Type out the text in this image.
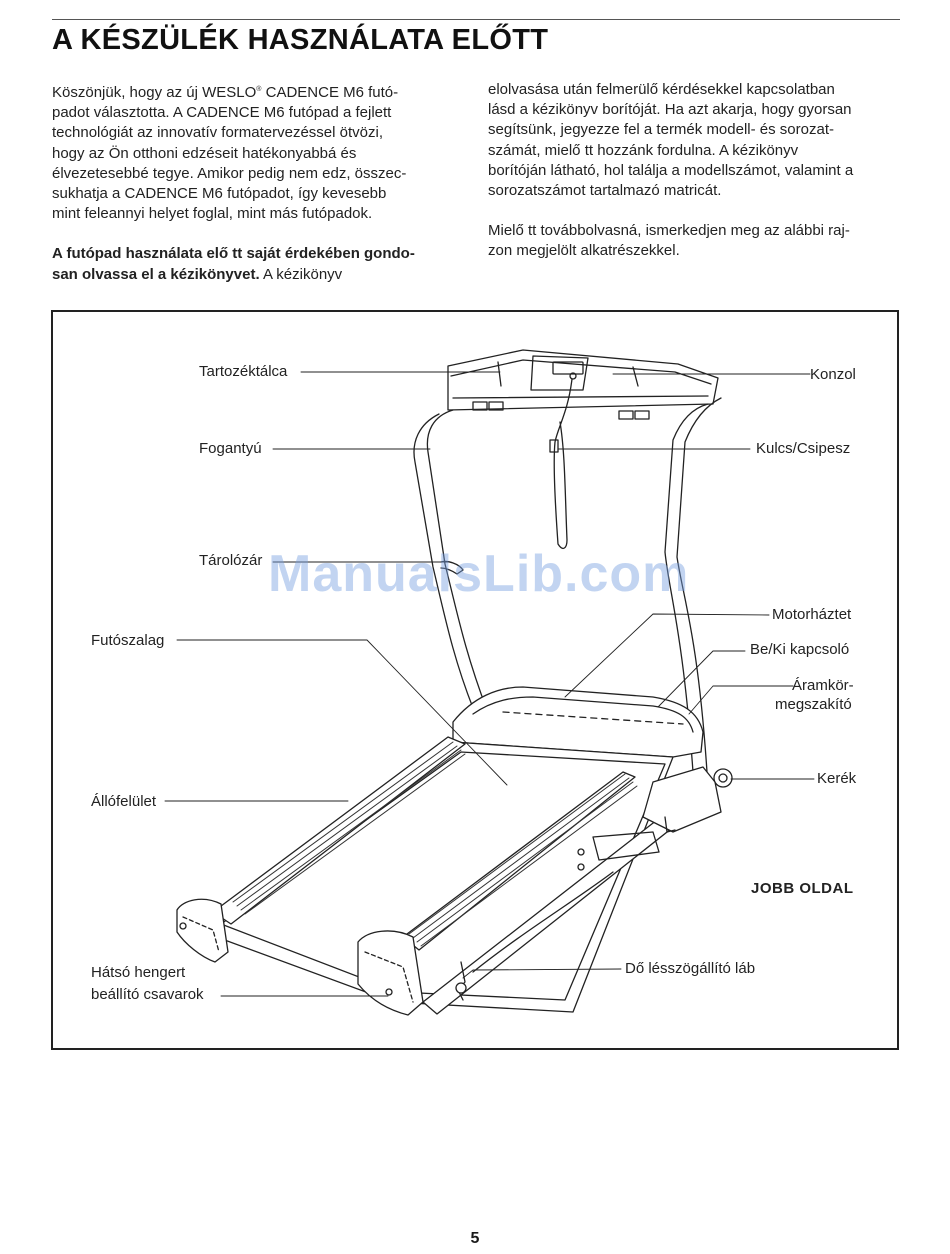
A KÉSZÜLÉK HASZNÁLATA ELŐTT

Köszönjük, hogy az új WESLO® CADENCE M6 futó-
padot választotta. A CADENCE M6 futópad a fejlett
technológiát az innovatív formatervezéssel ötvözi,
hogy az Ön otthoni edzéseit hatékonyabbá és
élvezetesebbé tegye. Amikor pedig nem edz, összec-
sukhatja a CADENCE M6 futópadot, így kevesebb
mint feleannyi helyet foglal, mint más futópadok.

A futópad használata elő tt saját érdekében gondo-
san olvassa el a kézikönyvet. A kézikönyv

elolvasása után felmerülő kérdésekkel kapcsolatban
lásd a kézikönyv borítóját. Ha azt akarja, hogy gyorsan
segítsünk, jegyezze fel a termék modell- és sorozat-
számát, mielő tt hozzánk fordulna. A kézikönyv
borítóján látható, hol találja a modellszámot, valamint a
sorozatszámot tartalmazó matricát.

Mielő tt továbbolvasná, ismerkedjen meg az alábbi raj-
zon megjelölt alkatrészekkel.

Tartozéktálca
Fogantyú
Tárolózár
Futószalag
Állófelület
Hátsó hengert
beállító csavarok
Konzol
Kulcs/Csipesz
Motorháztet
Be/Ki kapcsoló
Áramkör-
megszakító
Kerék
JOBB OLDAL
Dő lésszögállító láb
ManualsLib.com
5
